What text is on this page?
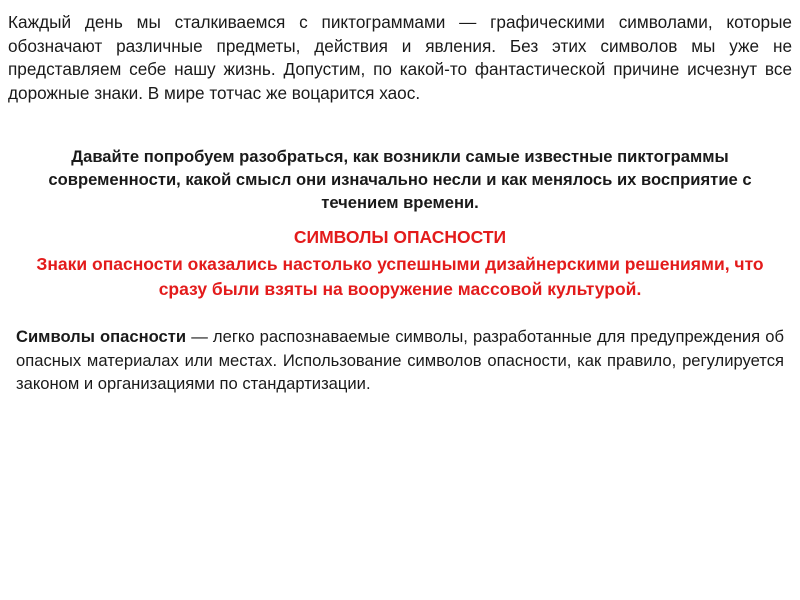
Каждый день мы сталкиваемся с пиктограммами — графическими символами, которые обозначают различные предметы, действия и явления. Без этих символов мы уже не представляем себе нашу жизнь. Допустим, по какой-то фантастической причине исчезнут все дорожные знаки. В мире тотчас же воцарится хаос.

Давайте попробуем разобраться, как возникли самые известные пиктограммы современности, какой смысл они изначально несли и как менялось их восприятие с течением времени.

СИМВОЛЫ ОПАСНОСТИ

Знаки опасности оказались настолько успешными дизайнерскими решениями, что сразу были взяты на вооружение массовой культурой.

Символы опасности — легко распознаваемые символы, разработанные для предупреждения об опасных материалах или местах. Использование символов опасности, как правило, регулируется законом и организациями по стандартизации.
